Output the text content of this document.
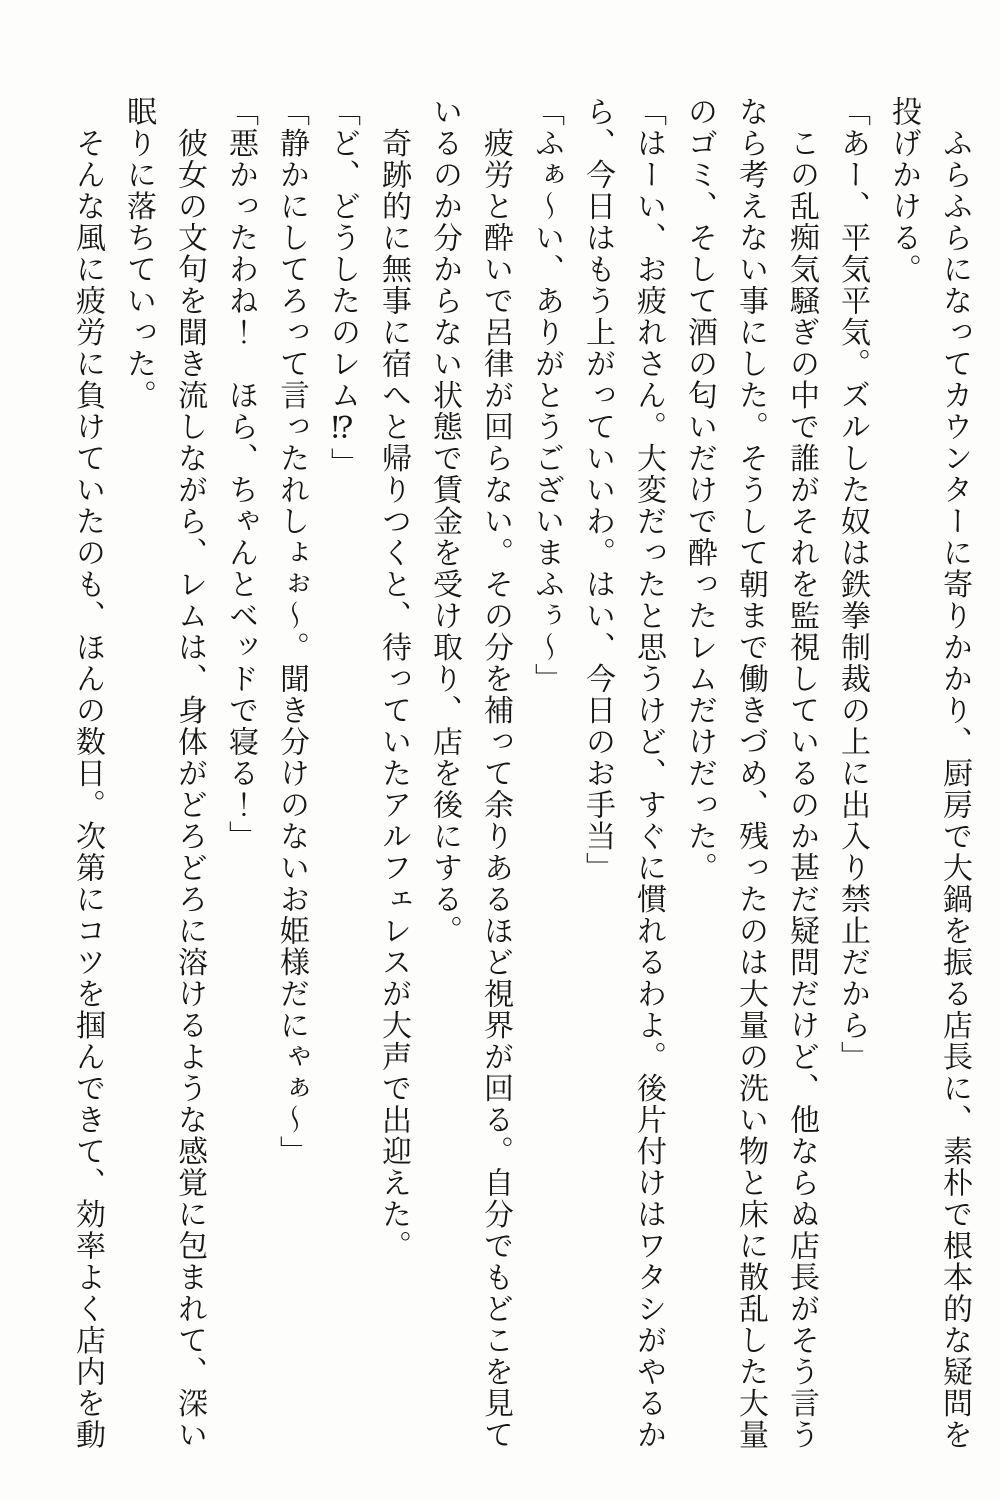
　ふらふらになってカウンターに寄りかかり、厨房で大鍋を振る店長に、素朴で根本的な疑問を

投げかける。

「あー、平気平気。ズルした奴は鉄拳制裁の上に出入り禁止だから」

　この乱痴気騒ぎの中で誰がそれを監視しているのか甚だ疑問だけど、他ならぬ店長がそう言う

なら考えない事にした。そうして朝まで働きづめ、残ったのは大量の洗い物と床に散乱した大量

のゴミ、そして酒の匂いだけで酔ったレムだけだった。

「はーい、お疲れさん。大変だったと思うけど、すぐに慣れるわよ。後片付けはワタシがやるか

ら、今日はもう上がっていいわ。はい、今日のお手当」

「ふぁ～い、ありがとうございまふぅ～」

　疲労と酔いで呂律が回らない。その分を補って余りあるほど視界が回る。自分でもどこを見て

いるのか分からない状態で賃金を受け取り、店を後にする。

　奇跡的に無事に宿へと帰りつくと、待っていたアルフェレスが大声で出迎えた。

「ど、どうしたのレム⁉」

「静かにしてろって言ったれしょぉ～。聞き分けのないお姫様だにゃぁ～」

「悪かったわね！　ほら、ちゃんとベッドで寝る！」

　彼女の文句を聞き流しながら、レムは、身体がどろどろに溶けるような感覚に包まれて、深い

眠りに落ちていった。

　そんな風に疲労に負けていたのも、ほんの数日。次第にコツを掴んできて、効率よく店内を動
